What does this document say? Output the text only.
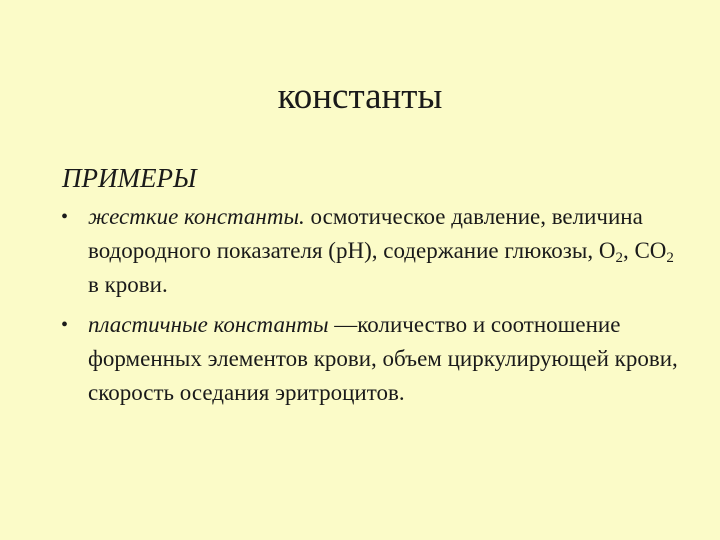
константы
ПРИМЕРЫ
• жесткие константы. осмотическое давление, величина водородного показателя (рН), содержание глюкозы, $О_2$, $СО_2$ в крови.
• пластичные константы —количество и соотношение форменных элементов крови, объем циркулирующей крови, скорость оседания эритроцитов.
